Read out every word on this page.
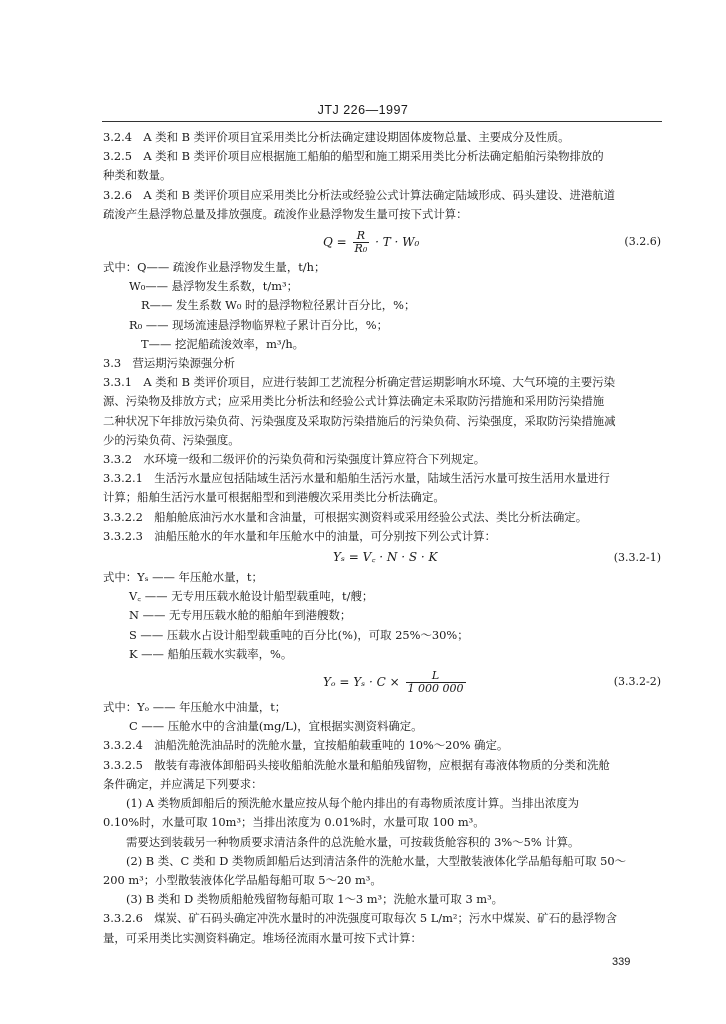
JTJ 226—1997

3.2.4　A 类和 B 类评价项目宜采用类比分析法确定建设期固体废物总量、主要成分及性质。

3.2.5　A 类和 B 类评价项目应根据施工船舶的船型和施工期采用类比分析法确定船舶污染物排放的

种类和数量。

3.2.6　A 类和 B 类评价项目应采用类比分析法或经验公式计算法确定陆域形成、码头建设、进港航道

疏浚产生悬浮物总量及排放强度。疏浚作业悬浮物发生量可按下式计算：

$Q = \frac{R}{\text{R₀}} \cdot T \cdot W_0$	(3.2.6)

式中：Q—— 疏浚作业悬浮物发生量，t/h；

W₀—— 悬浮物发生系数，t/m³；

R—— 发生系数 W₀ 时的悬浮物粒径累计百分比，%；

R₀ —— 现场流速悬浮物临界粒子累计百分比，%；

T—— 挖泥船疏浚效率，m³/h。

3.3　营运期污染源强分析

3.3.1　A 类和 B 类评价项目，应进行装卸工艺流程分析确定营运期影响水环境、大气环境的主要污染

源、污染物及排放方式；应采用类比分析法和经验公式计算法确定未采取防污措施和采用防污染措施

二种状况下年排放污染负荷、污染强度及采取防污染措施后的污染负荷、污染强度，采取防污染措施减

少的污染负荷、污染强度。

3.3.2　水环境一级和二级评价的污染负荷和污染强度计算应符合下列规定。

3.3.2.1　生活污水量应包括陆域生活污水量和船舶生活污水量，陆域生活污水量可按生活用水量进行

计算；船舶生活污水量可根据船型和到港艘次采用类比分析法确定。

3.3.2.2　船舶舱底油污水水量和含油量，可根据实测资料或采用经验公式法、类比分析法确定。

3.3.2.3　油船压舱水的年水量和年压舱水中的油量，可分别按下列公式计算：

Yₛ = V꜀ · N · S · K	(3.3.2-1)

式中：Yₛ —— 年压舱水量，t；

V꜀ —— 无专用压载水舱设计船型载重吨，t/艘；

N —— 无专用压载水舱的船舶年到港艘数；

S —— 压载水占设计船型载重吨的百分比(%)，可取 25%～30%；

K —— 船舶压载水实载率，%。

$Y_o = Y_s \cdot C \times \frac{L}{1 000 000}$	(3.3.2-2)

式中：Yₒ —— 年压舱水中油量，t；

C —— 压舱水中的含油量(mg/L)，宜根据实测资料确定。

3.3.2.4　油船洗舱洗油品时的洗舱水量，宜按船舶载重吨的 10%～20% 确定。

3.3.2.5　散装有毒液体卸船码头接收船舶洗舱水量和船舶残留物，应根据有毒液体物质的分类和洗舱

条件确定，并应满足下列要求：

(1) A 类物质卸船后的预洗舱水量应按从每个舱内排出的有毒物质浓度计算。当排出浓度为

0.10%时，水量可取 10m³；当排出浓度为 0.01%时，水量可取 100 m³。

需要达到装载另一种物质要求清洁条件的总洗舱水量，可按载货舱容积的 3%～5% 计算。

(2) B 类、C 类和 D 类物质卸船后达到清洁条件的洗舱水量，大型散装液体化学品船每船可取 50～

200 m³；小型散装液体化学品船每船可取 5～20 m³。

(3) B 类和 D 类物质船舱残留物每船可取 1～3 m³；洗舱水量可取 3 m³。

3.3.2.6　煤炭、矿石码头确定冲洗水量时的冲洗强度可取每次 5 L/m²；污水中煤炭、矿石的悬浮物含

量，可采用类比实测资料确定。堆场径流雨水量可按下式计算：

339
